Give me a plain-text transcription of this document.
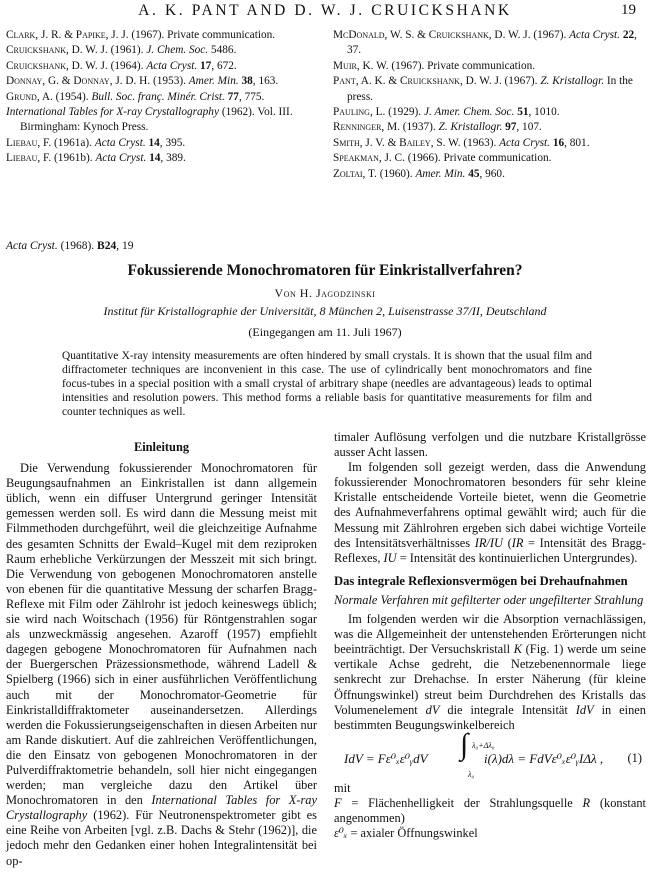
A. K. PANT AND D. W. J. CRUICKSHANK	19
Clark, J. R. & Papike, J. J. (1967). Private communication.
Cruickshank, D. W. J. (1961). J. Chem. Soc. 5486.
Cruickshank, D. W. J. (1964). Acta Cryst. 17, 672.
Donnay, G. & Donnay, J. D. H. (1953). Amer. Min. 38, 163.
Grund, A. (1954). Bull. Soc. franç. Minér. Crist. 77, 775.
International Tables for X-ray Crystallography (1962). Vol. III. Birmingham: Kynoch Press.
Liebau, F. (1961a). Acta Cryst. 14, 395.
Liebau, F. (1961b). Acta Cryst. 14, 389.
McDonald, W. S. & Cruickshank, D. W. J. (1967). Acta Cryst. 22, 37.
Muir, K. W. (1967). Private communication.
Pant, A. K. & Cruickshank, D. W. J. (1967). Z. Kristallogr. In the press.
Pauling, L. (1929). J. Amer. Chem. Soc. 51, 1010.
Renninger, M. (1937). Z. Kristallogr. 97, 107.
Smith, J. V. & Bailey, S. W. (1963). Acta Cryst. 16, 801.
Speakman, J. C. (1966). Private communication.
Zoltai, T. (1960). Amer. Min. 45, 960.
Acta Cryst. (1968). B24, 19
Fokussierende Monochromatoren für Einkristallverfahren?
Von H. Jagodzinski
Institut für Kristallographie der Universität, 8 München 2, Luisenstrasse 37/II, Deutschland
(Eingegangen am 11. Juli 1967)
Quantitative X-ray intensity measurements are often hindered by small crystals. It is shown that the usual film and diffractometer techniques are inconvenient in this case. The use of cylindrically bent monochromators and fine focus-tubes in a special position with a small crystal of arbitrary shape (needles are advantageous) leads to optimal intensities and resolution powers. This method forms a reliable basis for quantitative measurements for film and counter techniques as well.
Einleitung

Die Verwendung fokussierender Monochromatoren für Beugungsaufnahmen an Einkristallen ist dann allgemein üblich, wenn ein diffuser Untergrund geringer Intensität gemessen werden soll. Es wird dann die Messung meist mit Filmmethoden durchgeführt, weil die gleichzeitige Aufnahme des gesamten Schnitts der Ewald–Kugel mit dem reziproken Raum erhebliche Verkürzungen der Messzeit mit sich bringt. Die Verwendung von gebogenen Monochromatoren anstelle von ebenen für die quantitative Messung der scharfen Bragg-Reflexe mit Film oder Zählrohr ist jedoch keineswegs üblich; sie wird nach Woitschach (1956) für Röntgenstrahlen sogar als unzweckmässig angesehen. Azaroff (1957) empfiehlt dagegen gebogene Monochromatoren für Aufnahmen nach der Buergerschen Präzessionsmethode, während Ladell & Spielberg (1966) sich in einer ausführlichen Veröffentlichung auch mit der Monochromator-Geometrie für Einkristalldiffraktometer auseinandersetzen. Allerdings werden die Fokussierungseigenschaften in diesen Arbeiten nur am Rande diskutiert. Auf die zahlreichen Veröffentlichungen, die den Einsatz von gebogenen Monochromatoren in der Pulverdiffraktometrie behandeln, soll hier nicht eingegangen werden; man vergleiche dazu den Artikel über Monochromatoren in den International Tables for X-ray Crystallography (1962). Für Neutronenspektrometer gibt es eine Reihe von Arbeiten [vgl. z.B. Dachs & Stehr (1962)], die jedoch mehr den Gedanken einer hohen Integralintensität bei op-

timaler Auflösung verfolgen und die nutzbare Kristallgrösse ausser Acht lassen.

Im folgenden soll gezeigt werden, dass die Anwendung fokussierender Monochromatoren besonders für sehr kleine Kristalle entscheidende Vorteile bietet, wenn die Geometrie des Aufnahmeverfahrens optimal gewählt wird; auch für die Messung mit Zählrohren ergeben sich dabei wichtige Vorteile des Intensitätsverhältnisses IR/IU (IR = Intensität des Bragg-Reflexes, IU = Intensität des kontinuierlichen Untergrundes).

Das integrale Reflexionsvermögen bei Drehaufnahmen
Normale Verfahren mit gefilterter oder ungefilterter Strahlung

Im folgenden werden wir die Absorption vernachlässigen, was die Allgemeinheit der untenstehenden Erörterungen nicht beeinträchtigt. Der Versuchskristall K (Fig. 1) werde um seine vertikale Achse gedreht, die Netzebenennormale liege senkrecht zur Drehachse. In erster Näherung (für kleine Öffnungswinkel) streut beim Durchdrehen des Kristalls das Volumenelement dV die integrale Intensität IdV in einen bestimmten Beugungswinkelbereich

IdV = Fε⁰ₓε⁰ᵧdV ∫ λ₀+Δλ₀
λ₀
i(λ)dλ = FdVε⁰ₓε⁰ᵧIΔλ , (1)

mit

F = Flächenhelligkeit der Strahlungsquelle R (konstant angenommen)

ε⁰ₓ = axialer Öffnungswinkel
